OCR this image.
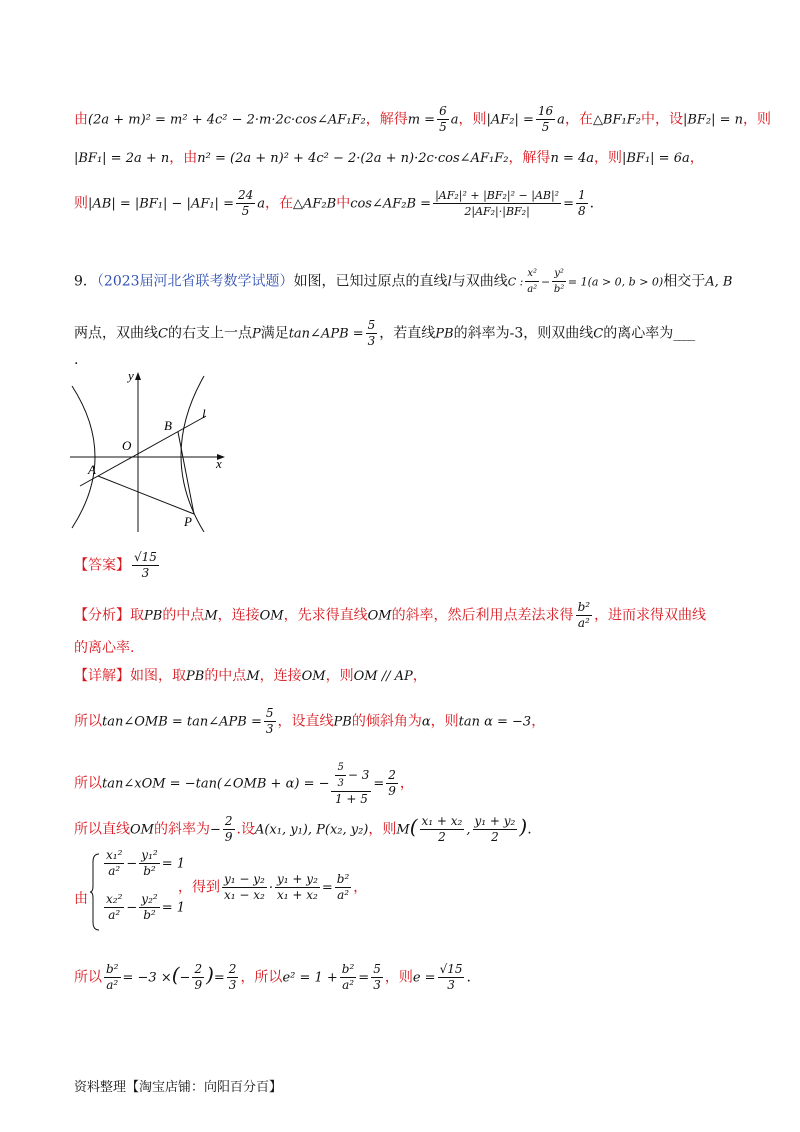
由(2a + m)² = m² + 4c² − 2·m·2c·cos∠AF₁F₂，解得$m = \frac{6}{5}$ a，则$|AF_2| = \frac{16}{5}$ a，在△BF₁F₂中，设|BF₂| = n，则
|BF₁| = 2a + n，由n² = (2a + n)² + 4c² − 2·(2a + n)·2c·cos∠AF₁F₂，解得n = 4a，则|BF₁| = 6a，
则$|AB| = |BF_1| - |AF_1| = \frac{24}{5}$ a，在△AF₂B中cos∠AF₂B = $\frac{\text{|AF₂|² + |BF₂|² − |AB|²}}{\text{2|AF₂|·|BF₂|}} = \frac{1}{8}$ .
9．（2023届河北省联考数学试题）如图，已知过原点的直线l与双曲线C : $\frac{\text{x²}}{\text{a²}} - \frac{\text{y²}}{\text{b²}} = 1(a > 0$, b > 0)相交于A, B
两点，双曲线C的右支上一点P满足tan∠APB = $\frac{5}{3}$ ，若直线PB的斜率为-3，则双曲线C的离心率为____
.
y
x
O
A
B
P
l
【答案】 $\frac{√15}{3}$
【分析】取PB的中点M，连接OM，先求得直线OM的斜率，然后利用点差法求得 $\frac{\text{b²}}{\text{a²}}$ ，进而求得双曲线
的离心率.
【详解】如图，取PB的中点M，连接OM，则OM // AP，
所以tan∠OMB = tan∠APB = $\frac{5}{3}$ ，设直线PB的倾斜角为α，则tan α = −3，
所以tan∠xOM = −tan(∠OMB + α) = − $\frac{\frac{5}{3} - 3}{1 + 5} = \frac{2}{9}$ ，
所以直线OM的斜率为− $\frac{2}{9}$ .设A(x₁, y₁), P(x₂, y₂)，则$M( \frac{\text{x₁ + x₂}}{2}$ , $\frac{\text{y₁ + y₂}}{2}$ ).
由
$\frac{\text{x₁²}}{\text{a²}} - \frac{\text{y₁²}}{\text{b²}} = 1$
$\frac{\text{x₂²}}{\text{a²}} - \frac{\text{y₂²}}{\text{b²}} = 1$
，得到 $\frac{\text{y₁ − y₂}}{\text{x₁ − x₂}} \cdot \frac{\text{y₁ + y₂}}{\text{x₁ + x₂}} = \frac{\text{b²}}{\text{a²}}$ ，
所以 $\frac{\text{b²}}{\text{a²}} = -3$ ×(− $\frac{2}{9}$ )= $\frac{2}{3}$ ，所以$e^2 = 1 + \frac{\text{b²}}{\text{a²}} = \frac{5}{3}$ ，则$e = \frac{√15}{3}$ .
资料整理【淘宝店铺：向阳百分百】
